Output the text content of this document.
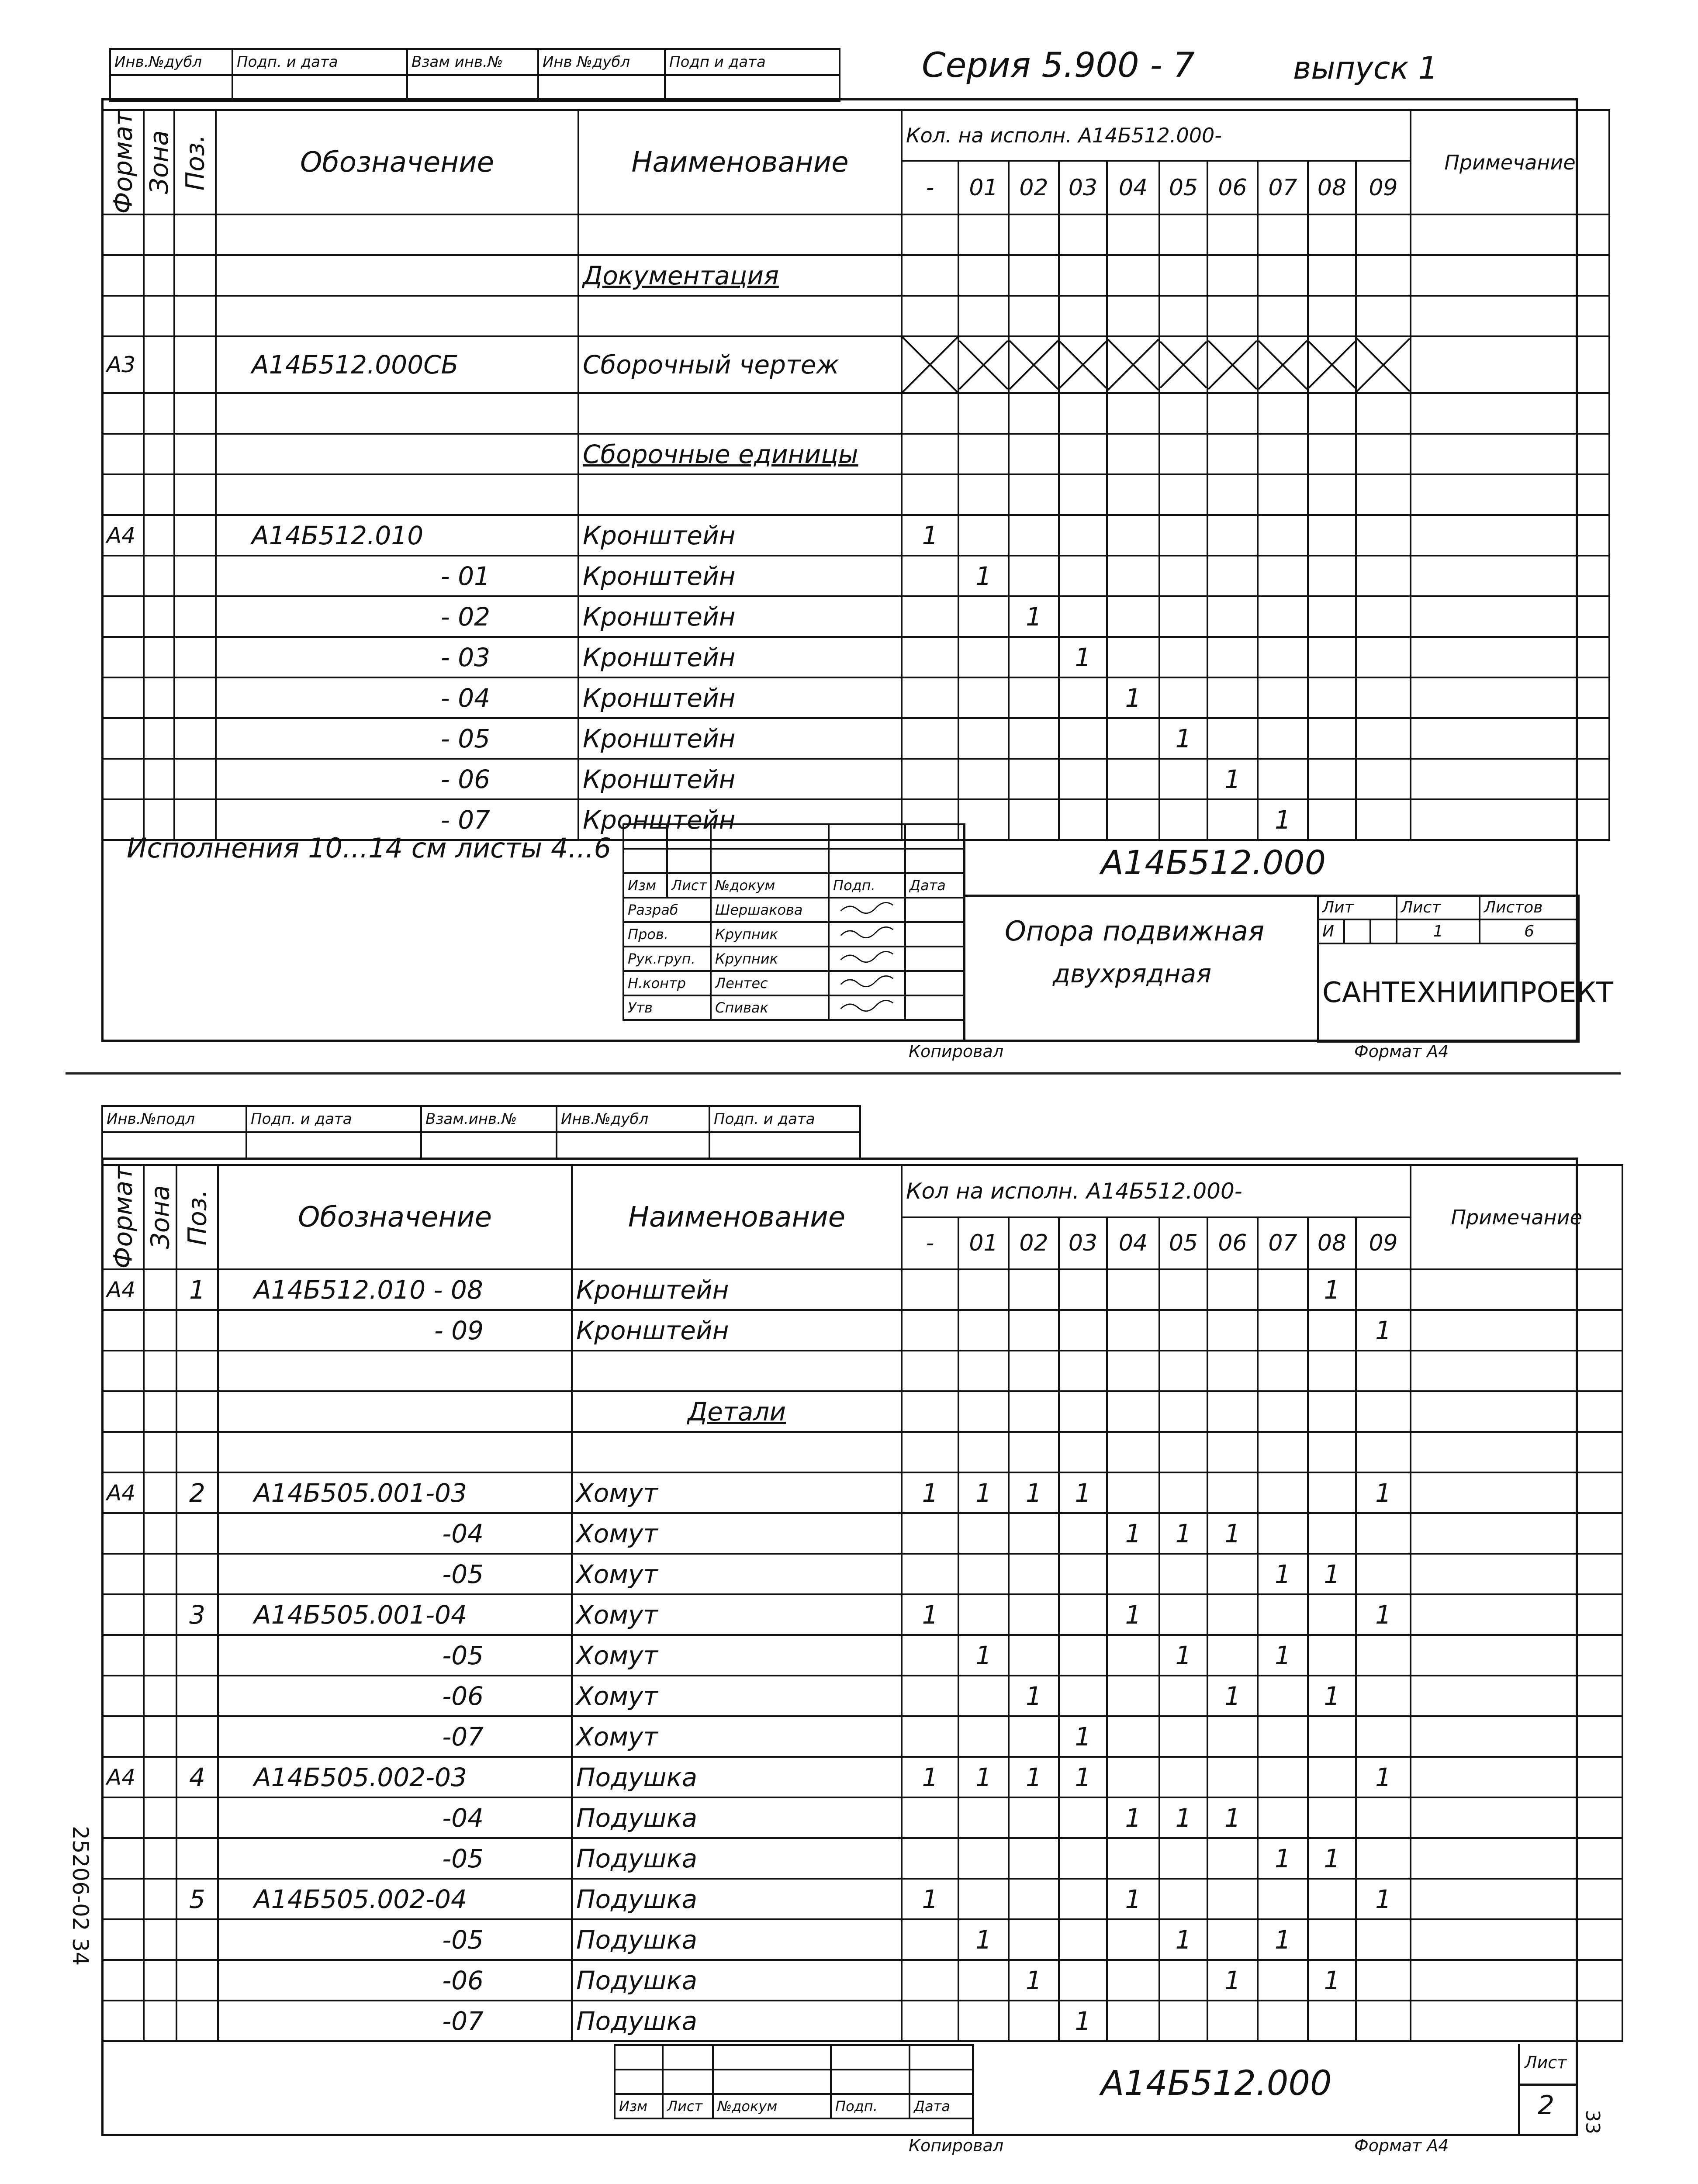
Серия 5.900 - 7	выпуск 1
Инв.№дубл	Подп. и дата	Взам инв.№	Инв №дубл	Подп и дата

Формат	Зона	Поз.	Обозначение	Наименование	Кол. на исполн. А14Б512.000-										Примечание
					-	01	02	03	04	05	06	07	08	09	

				Документация											

А3			А14Б512.000СБ	Сборочный чертеж	

				Сборочные единицы											

А4			А14Б512.010	Кронштейн	1										
			- 01	Кронштейн		1									
			- 02	Кронштейн			1								
			- 03	Кронштейн				1							
			- 04	Кронштейн					1						
			- 05	Кронштейн						1					
			- 06	Кронштейн							1				
			- 07	Кронштейн								1			
Исполнения 10...14 см листы 4...6

Изм	Лист	№докум	Подп.	Дата
Разраб		Шершакова		
Пров.		Крупник		
Рук.груп.		Крупник		
Н.контр		Лентес		
Утв		Спивак		
А14Б512.000
Опора подвижная
двухрядная
Лит			Лист	Листов
И			1	6
САНТЕХНИИПРОЕКТ				
Копировал	Формат А4
Инв.№подл	Подп. и дата	Взам.инв.№	Инв.№дубл	Подп. и дата

Формат	Зона	Поз.	Обозначение	Наименование	Кол на исполн. А14Б512.000-										Примечание
					-	01	02	03	04	05	06	07	08	09	
А4		1	А14Б512.010 - 08	Кронштейн									1		
			- 09	Кронштейн										1	

				Детали											

А4		2	А14Б505.001-03	Хомут	1	1	1	1						1	
			-04	Хомут					1	1	1				
			-05	Хомут								1	1		
		3	А14Б505.001-04	Хомут	1				1					1	
			-05	Хомут		1				1		1			
			-06	Хомут			1				1		1		
			-07	Хомут				1							
А4		4	А14Б505.002-03	Подушка	1	1	1	1						1	
			-04	Подушка					1	1	1				
			-05	Подушка								1	1		
		5	А14Б505.002-04	Подушка	1				1					1	
			-05	Подушка		1				1		1			
			-06	Подушка			1				1		1		
			-07	Подушка				1							

Изм	Лист	№докум	Подп.	Дата
А14Б512.000
Лист
2
Копировал	Формат А4
25206-02 34
33
